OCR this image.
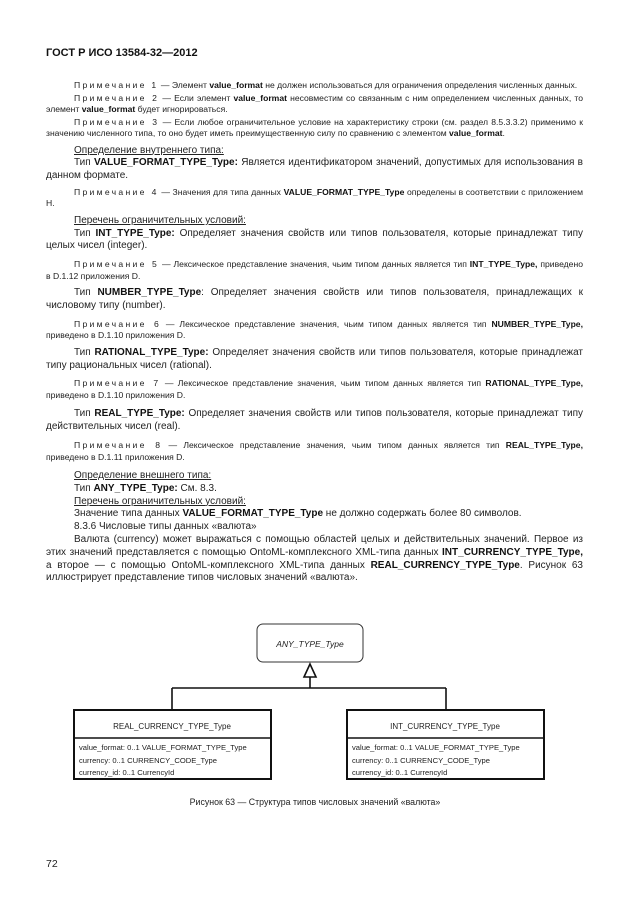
ГОСТ Р ИСО 13584-32—2012

Примечание 1 — Элемент value_format не должен использоваться для ограничения определения численных данных.

Примечание 2 — Если элемент value_format несовместим со связанным с ним определением численных данных, то элемент value_format будет игнорироваться.

Примечание 3 — Если любое ограничительное условие на характеристику строки (см. раздел 8.5.3.3.2) применимо к значению численного типа, то оно будет иметь преимущественную силу по сравнению с элементом value_format.

Определение внутреннего типа:

Тип VALUE_FORMAT_TYPE_Type: Является идентификатором значений, допустимых для использования в данном формате.

Примечание 4 — Значения для типа данных VALUE_FORMAT_TYPE_Type определены в соответствии с приложением Н.

Перечень ограничительных условий:

Тип INT_TYPE_Type: Определяет значения свойств или типов пользователя, которые принадлежат типу целых чисел (integer).

Примечание 5 — Лексическое представление значения, чьим типом данных является тип INT_TYPE_Type, приведено в D.1.12 приложения D.

Тип NUMBER_TYPE_Type: Определяет значения свойств или типов пользователя, принадлежащих к числовому типу (number).

Примечание 6 — Лексическое представление значения, чьим типом данных является тип NUMBER_TYPE_Type, приведено в D.1.10 приложения D.

Тип RATIONAL_TYPE_Type: Определяет значения свойств или типов пользователя, которые принадлежат типу рациональных чисел (rational).

Примечание 7 — Лексическое представление значения, чьим типом данных является тип RATIONAL_TYPE_Type, приведено в D.1.10 приложения D.

Тип REAL_TYPE_Type: Определяет значения свойств или типов пользователя, которые принадлежат типу действительных чисел (real).

Примечание 8 — Лексическое представление значения, чьим типом данных является тип REAL_TYPE_Type, приведено в D.1.11 приложения D.

Определение внешнего типа:

Тип ANY_TYPE_Type: См. 8.3.

Перечень ограничительных условий:

Значение типа данных VALUE_FORMAT_TYPE_Type не должно содержать более 80 символов.

8.3.6 Числовые типы данных «валюта»

Валюта (currency) может выражаться с помощью областей целых и действительных значений. Первое из этих значений представляется с помощью OntoML-комплексного XML-типа данных INT_CURRENCY_TYPE_Type, а второе — с помощью OntoML-комплексного XML-типа данных REAL_CURRENCY_TYPE_Type. Рисунок 63 иллюстрирует представление типов числовых значений «валюта».

ANY_TYPE_Type
REAL_CURRENCY_TYPE_Type
value_format: 0..1 VALUE_FORMAT_TYPE_Type
currency: 0..1 CURRENCY_CODE_Type
currency_id: 0..1 CurrencyId
INT_CURRENCY_TYPE_Type
value_format: 0..1 VALUE_FORMAT_TYPE_Type
currency: 0..1 CURRENCY_CODE_Type
currency_id: 0..1 CurrencyId
Рисунок 63 — Структура типов числовых значений «валюта»
72
